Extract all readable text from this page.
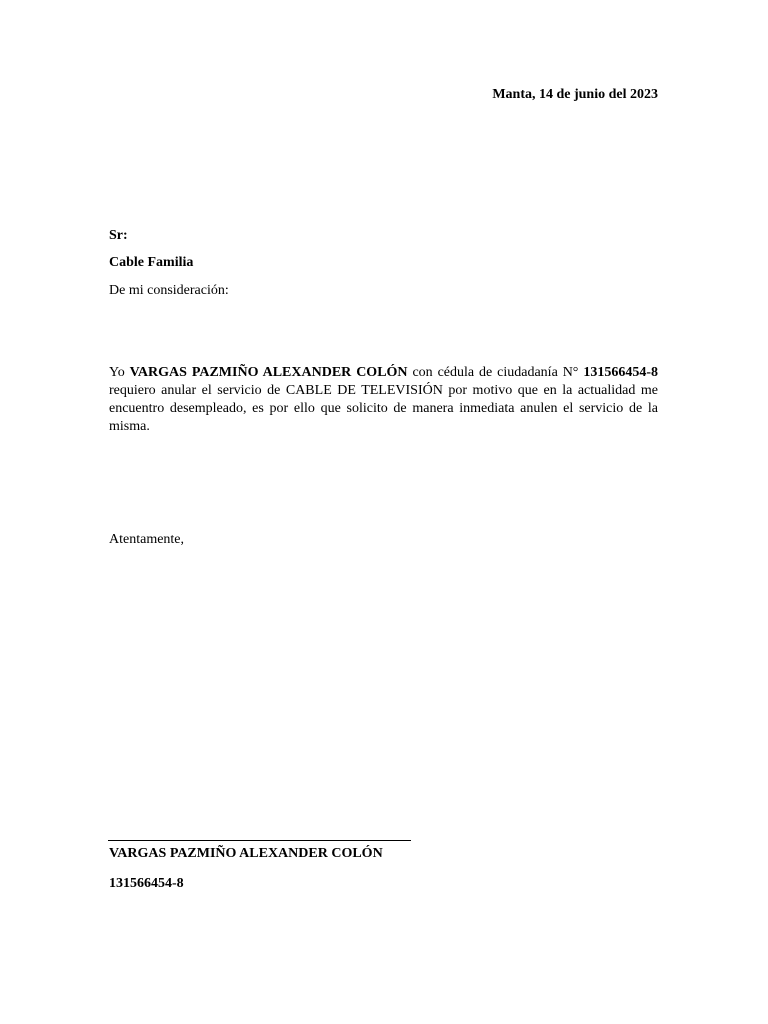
Manta, 14 de junio del 2023
Sr:
Cable Familia
De mi consideración:

Yo VARGAS PAZMIÑO ALEXANDER COLÓN con cédula de ciudadanía N° 131566454-8 requiero anular el servicio de CABLE DE TELEVISIÓN por motivo que en la actualidad me encuentro desempleado, es por ello que solicito de manera inmediata anulen el servicio de la misma.

Atentamente,
VARGAS PAZMIÑO ALEXANDER COLÓN
131566454-8
